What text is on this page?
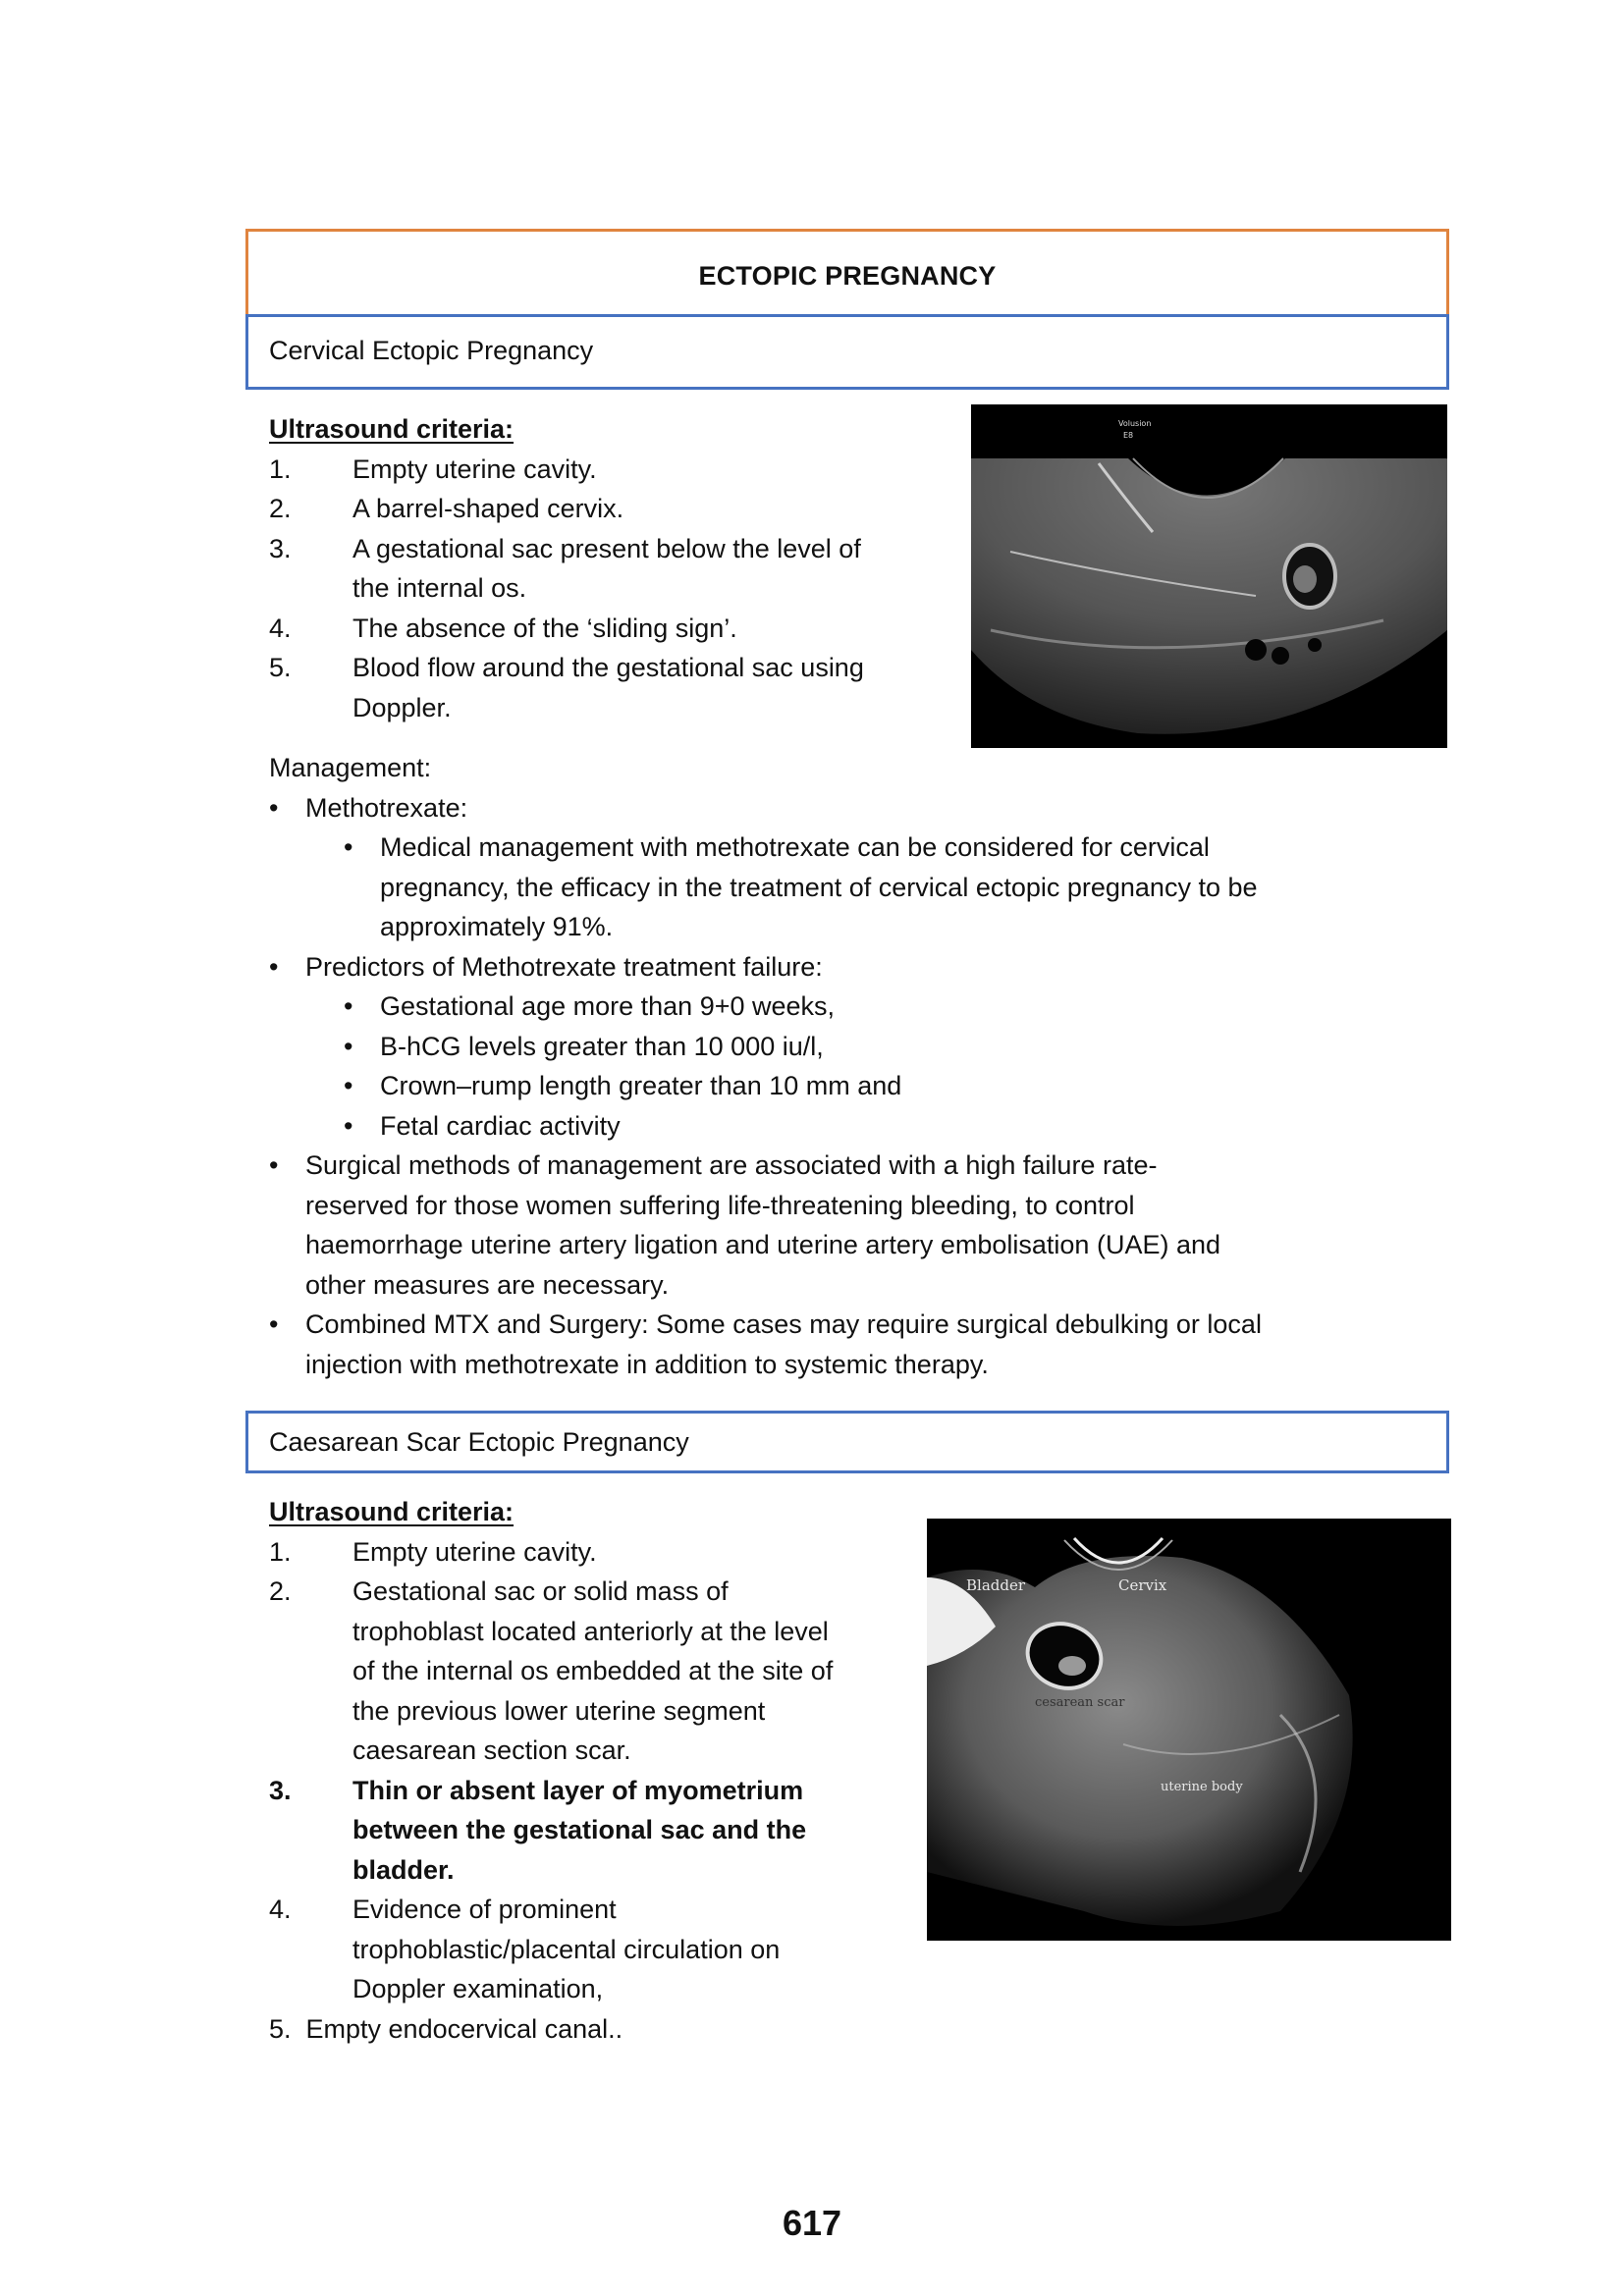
ECTOPIC PREGNANCY
Cervical Ectopic Pregnancy
Ultrasound criteria:
1. Empty uterine cavity.
2. A barrel-shaped cervix.
3. A gestational sac present below the level of
the internal os.
4. The absence of the ‘sliding sign’.
5. Blood flow around the gestational sac using
Doppler.
Volusion
E8
Management:
• Methotrexate:
• Medical management with methotrexate can be considered for cervical
pregnancy, the efficacy in the treatment of cervical ectopic pregnancy to be
approximately 91%.
• Predictors of Methotrexate treatment failure:
• Gestational age more than 9+0 weeks,
• B-hCG levels greater than 10 000 iu/l,
• Crown–rump length greater than 10 mm and
• Fetal cardiac activity
• Surgical methods of management are associated with a high failure rate-
reserved for those women suffering life-threatening bleeding, to control
haemorrhage uterine artery ligation and uterine artery embolisation (UAE) and
other measures are necessary.
• Combined MTX and Surgery: Some cases may require surgical debulking or local
injection with methotrexate in addition to systemic therapy.
Caesarean Scar Ectopic Pregnancy
Ultrasound criteria:
1. Empty uterine cavity.
2. Gestational sac or solid mass of
trophoblast located anteriorly at the level
of the internal os embedded at the site of
the previous lower uterine segment
caesarean section scar.
3. Thin or absent layer of myometrium
between the gestational sac and the
bladder.
4. Evidence of prominent
trophoblastic/placental circulation on
Doppler examination,
5.  Empty endocervical canal..
Bladder	Cervix
cesarean scar
uterine body
617
